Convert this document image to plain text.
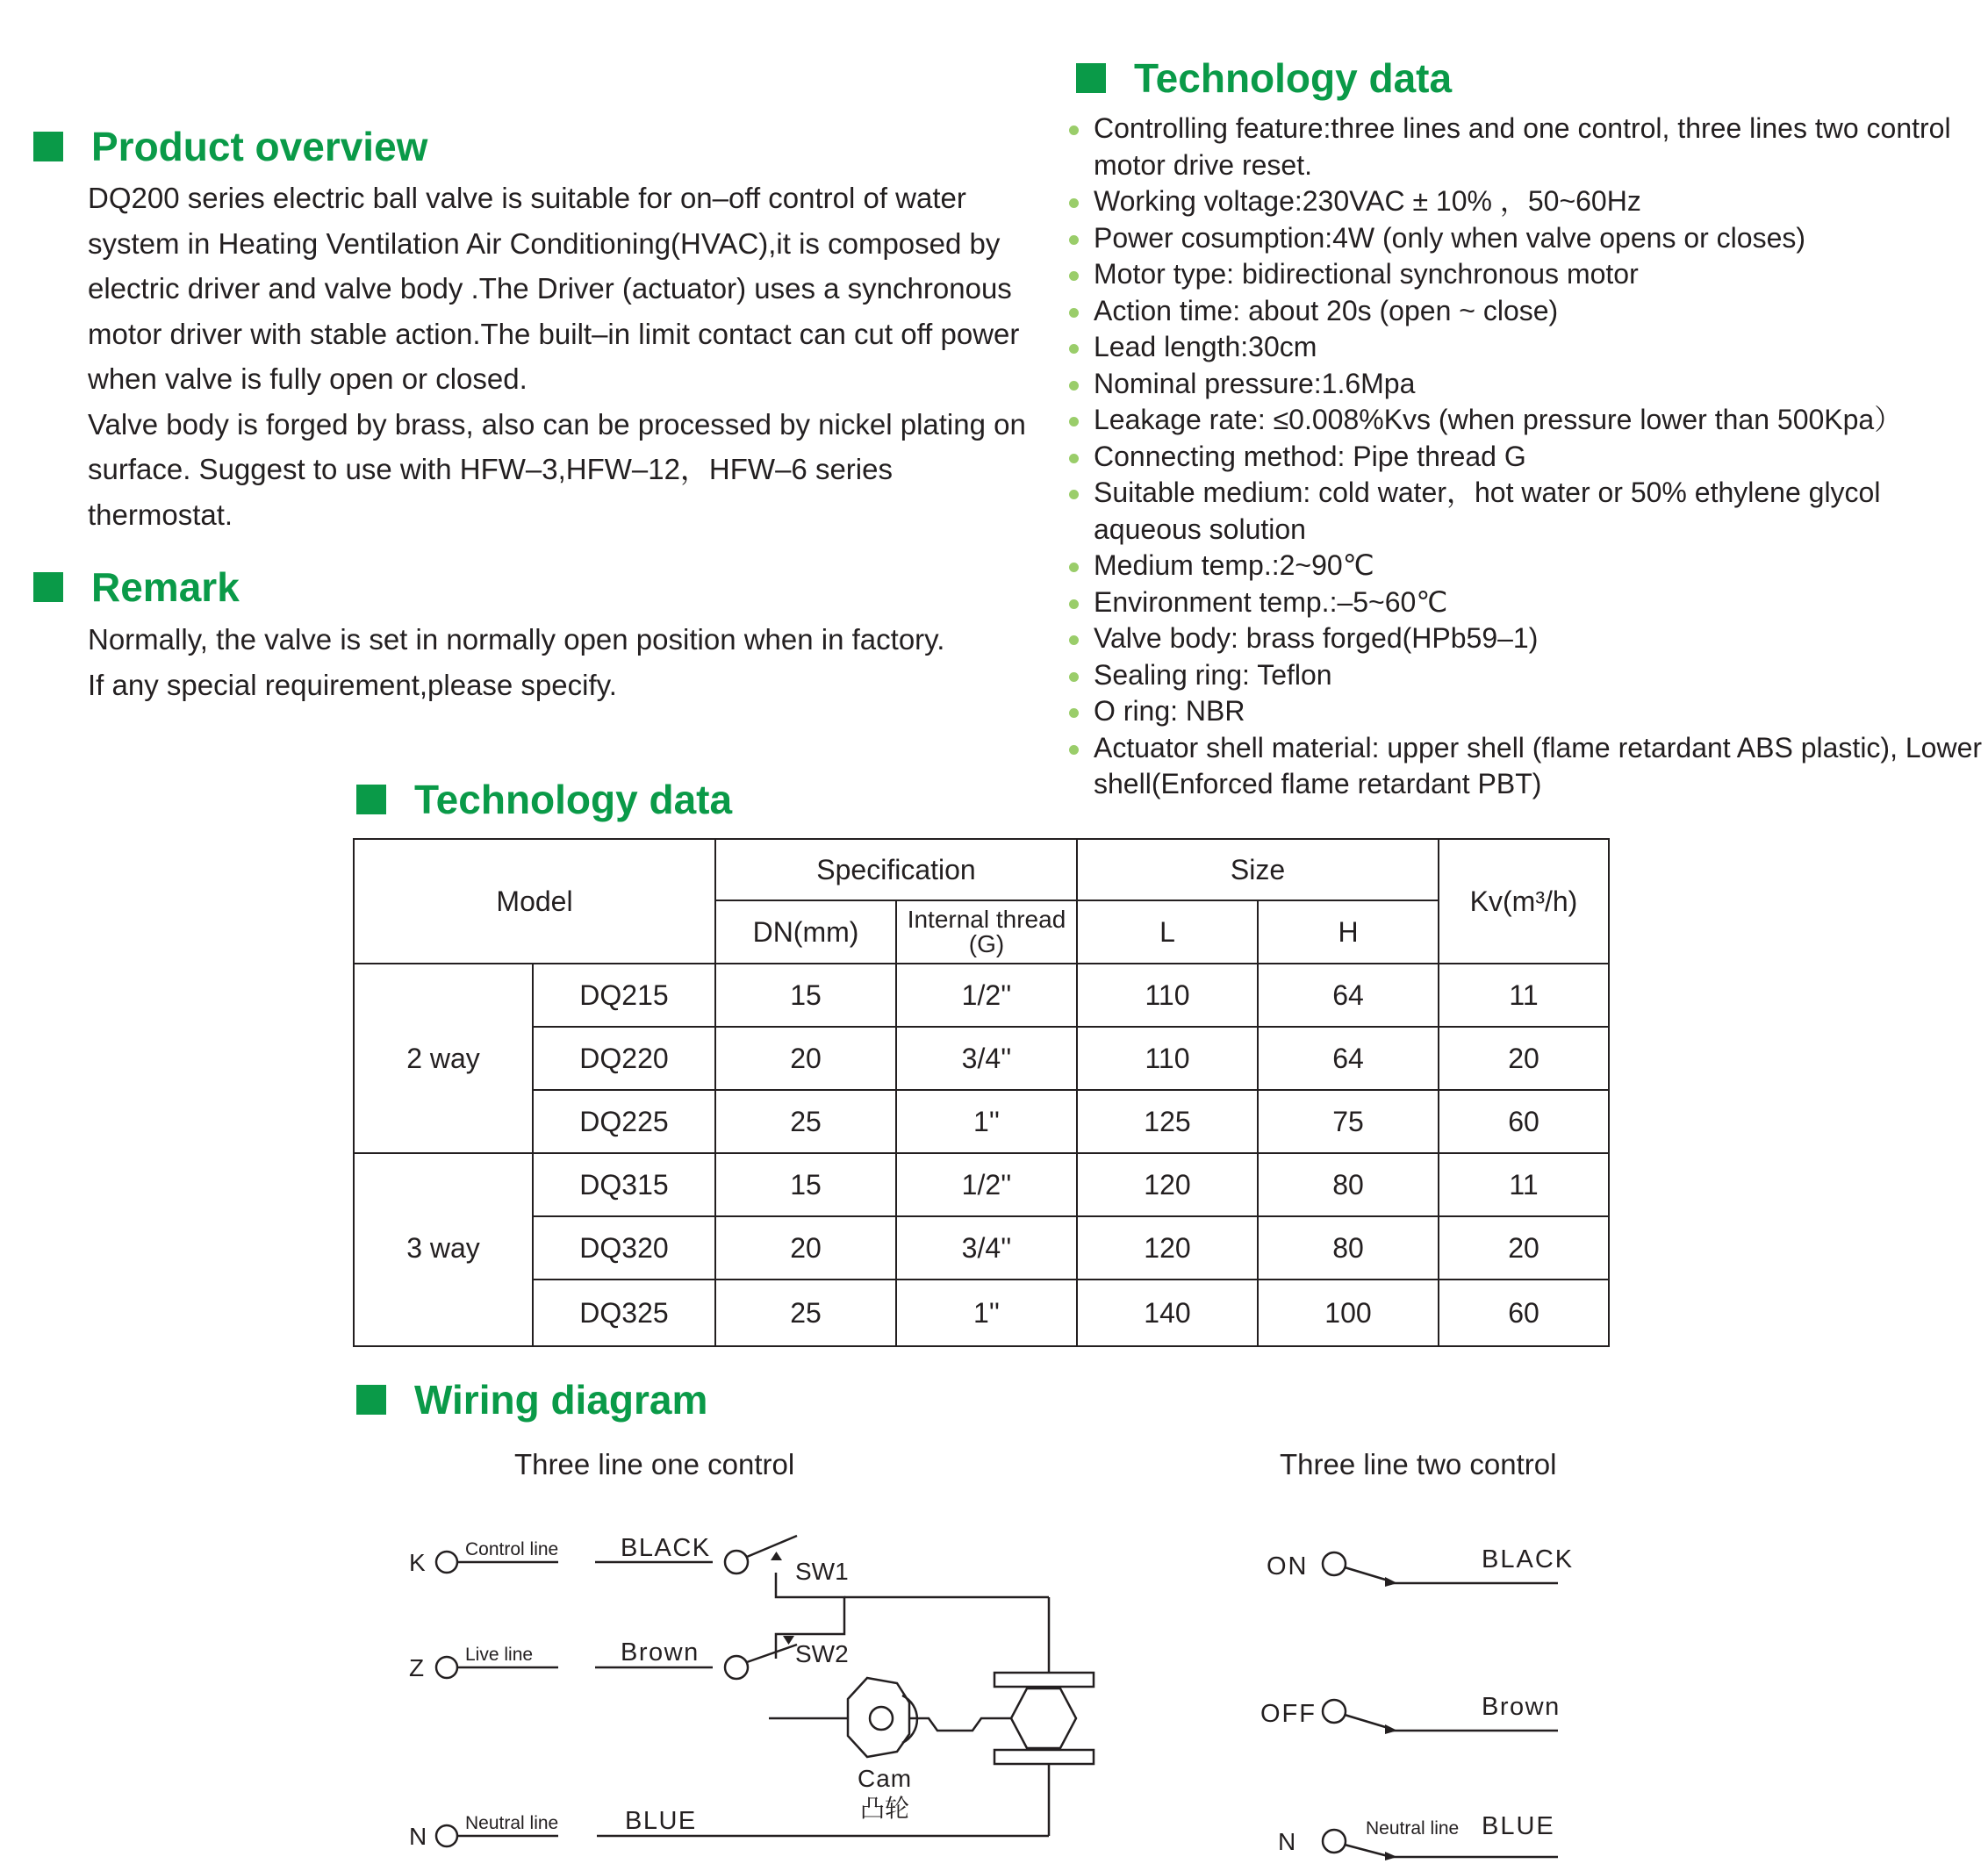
Product overview

DQ200 series electric ball valve is suitable for on–off control of water system in Heating Ventilation Air Conditioning(HVAC),it is composed by electric driver and valve body .The Driver (actuator) uses a synchronous motor driver with stable action.The built–in limit contact can cut off power when valve is fully open or closed.

Valve body is forged by brass, also can be processed by nickel plating on surface. Suggest to use with HFW–3,HFW–12，HFW–6 series thermostat.

Remark

Normally, the valve is set in normally open position when in factory.

If any special requirement,please specify.

Technology data
Controlling feature:three lines and one control, three lines two control motor drive reset.
Working voltage:230VAC ± 10% ，50~60Hz
Power cosumption:4W (only when valve opens or closes)
Motor type: bidirectional synchronous motor
Action time: about 20s (open ~ close)
Lead length:30cm
Nominal pressure:1.6Mpa
Leakage rate: ≤0.008%Kvs (when pressure lower than 500Kpa）
Connecting method: Pipe thread G
Suitable medium: cold water，hot water or 50% ethylene glycol aqueous solution
Medium temp.:2~90℃
Environment temp.:–5~60℃
Valve body: brass forged(HPb59–1)
Sealing ring: Teflon
O ring: NBR
Actuator shell material: upper shell (flame retardant ABS plastic), Lower shell(Enforced flame retardant PBT)
Technology data
Model		Specification		Size		Kv(m³/h)
		DN(mm)	Internal thread (G)	L	H	
	DQ215	15	1/2''	110	64	11
2 way	DQ220	20	3/4''	110	64	20
	DQ225	25	1''	125	75	60
	DQ315	15	1/2''	120	80	11
3 way	DQ320	20	3/4''	120	80	20
	DQ325	25	1''	140	100	60
Wiring diagram
Three line one control	Three line two control
K Control line BLACK
SW1
Z Live line	Brown	SW2
Cam
凸轮
N Neutral line	BLUE
ON	BLACK
OFF	Brown
N	Neutral line BLUE
